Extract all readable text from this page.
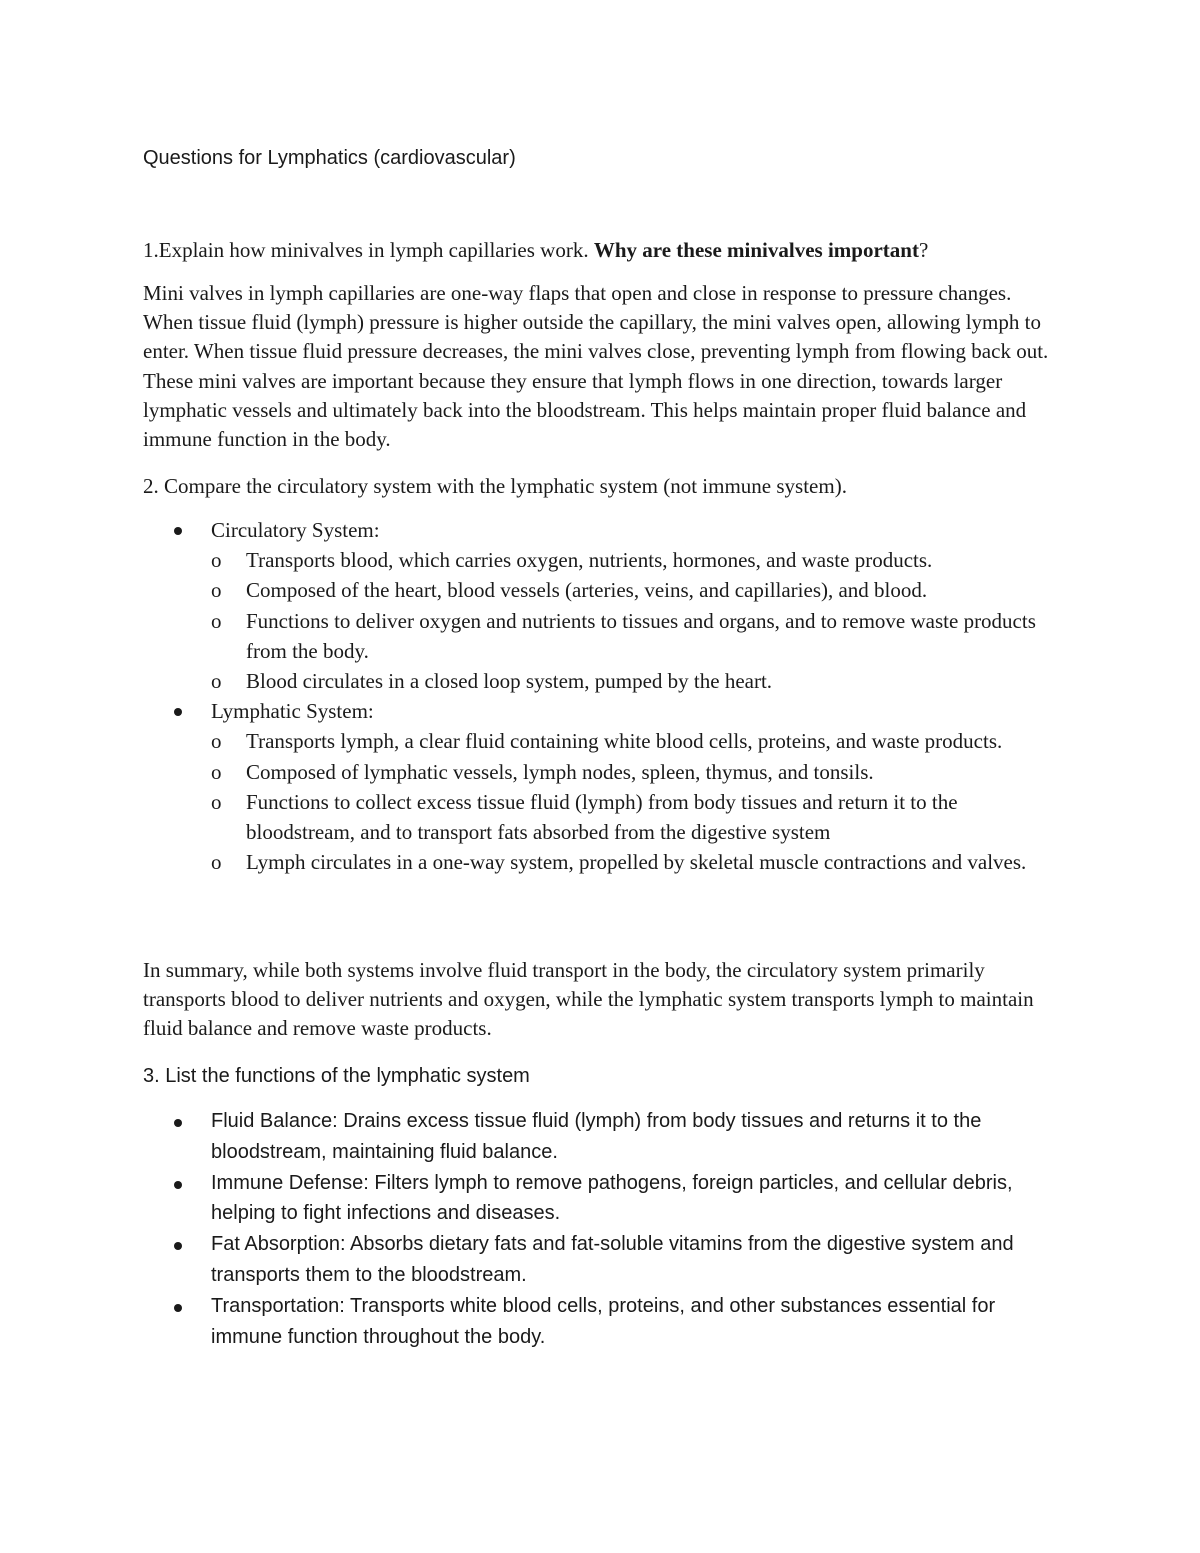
Questions for Lymphatics (cardiovascular)

1.Explain how minivalves in lymph capillaries work. Why are these minivalves important?

Mini valves in lymph capillaries are one-way flaps that open and close in response to pressure changes. When tissue fluid (lymph) pressure is higher outside the capillary, the mini valves open, allowing lymph to enter. When tissue fluid pressure decreases, the mini valves close, preventing lymph from flowing back out. These mini valves are important because they ensure that lymph flows in one direction, towards larger lymphatic vessels and ultimately back into the bloodstream. This helps maintain proper fluid balance and immune function in the body.

2. Compare the circulatory system with the lymphatic system (not immune system).

Circulatory System:
o Transports blood, which carries oxygen, nutrients, hormones, and waste products.
o Composed of the heart, blood vessels (arteries, veins, and capillaries), and blood.
o Functions to deliver oxygen and nutrients to tissues and organs, and to remove waste products from the body.
o Blood circulates in a closed loop system, pumped by the heart.
Lymphatic System:
o Transports lymph, a clear fluid containing white blood cells, proteins, and waste products.
o Composed of lymphatic vessels, lymph nodes, spleen, thymus, and tonsils.
o Functions to collect excess tissue fluid (lymph) from body tissues and return it to the bloodstream, and to transport fats absorbed from the digestive system
o Lymph circulates in a one-way system, propelled by skeletal muscle contractions and valves.

In summary, while both systems involve fluid transport in the body, the circulatory system primarily transports blood to deliver nutrients and oxygen, while the lymphatic system transports lymph to maintain fluid balance and remove waste products.

3. List the functions of the lymphatic system

Fluid Balance: Drains excess tissue fluid (lymph) from body tissues and returns it to the bloodstream, maintaining fluid balance.
Immune Defense: Filters lymph to remove pathogens, foreign particles, and cellular debris, helping to fight infections and diseases.
Fat Absorption: Absorbs dietary fats and fat-soluble vitamins from the digestive system and transports them to the bloodstream.
Transportation: Transports white blood cells, proteins, and other substances essential for immune function throughout the body.
